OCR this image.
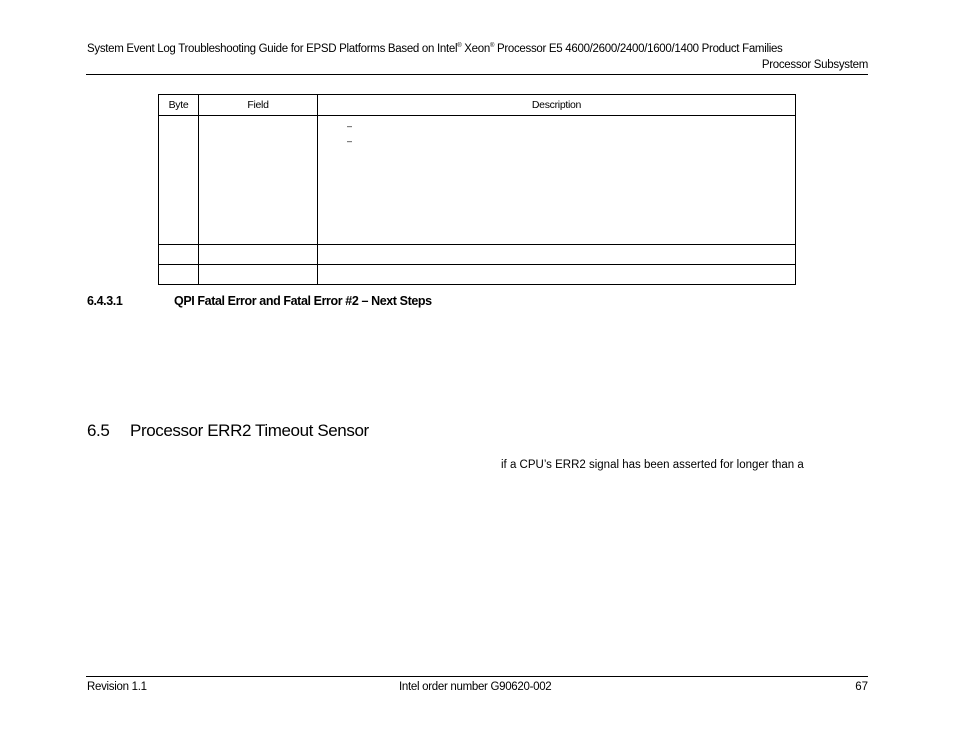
System Event Log Troubleshooting Guide for EPSD Platforms Based on Intel® Xeon® Processor E5 4600/2600/2400/1600/1400 Product Families
Processor Subsystem
Byte	Field	Description

		–
–

6.4.3.1	QPI Fatal Error and Fatal Error #2 – Next Steps
6.5 Processor ERR2 Timeout Sensor
if a CPU’s ERR2 signal has been asserted for longer than a
Revision 1.1	Intel order number G90620-002	67
